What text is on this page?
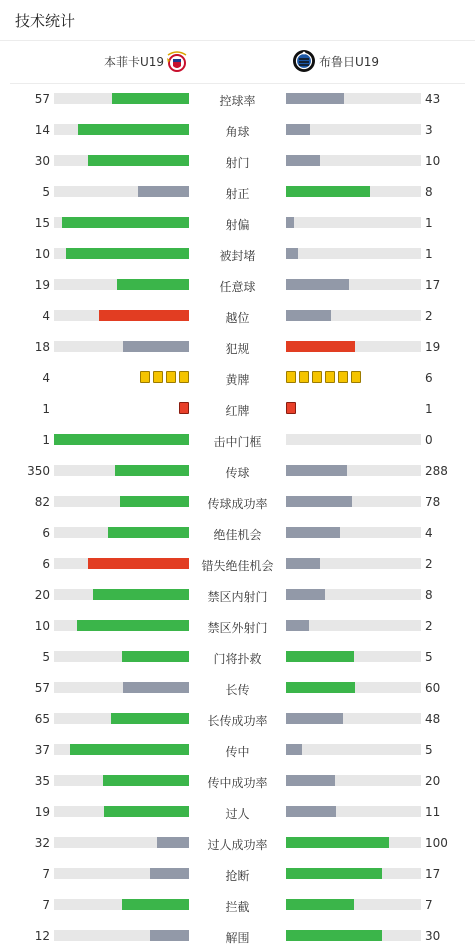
技术统计
本菲卡U19	布鲁日U19
57	控球率	43
14	角球	3
30	射门	10
5	射正	8
15	射偏	1
10	被封堵	1
19	任意球	17
4	越位	2
18	犯规	19
4	黄牌	6
1	红牌	1
1	击中门框	0
350	传球	288
82	传球成功率	78
6	绝佳机会	4
6	错失绝佳机会	2
20	禁区内射门	8
10	禁区外射门	2
5	门将扑救	5
57	长传	60
65	长传成功率	48
37	传中	5
35	传中成功率	20
19	过人	11
32	过人成功率	100
7	抢断	17
7	拦截	7
12	解围	30
